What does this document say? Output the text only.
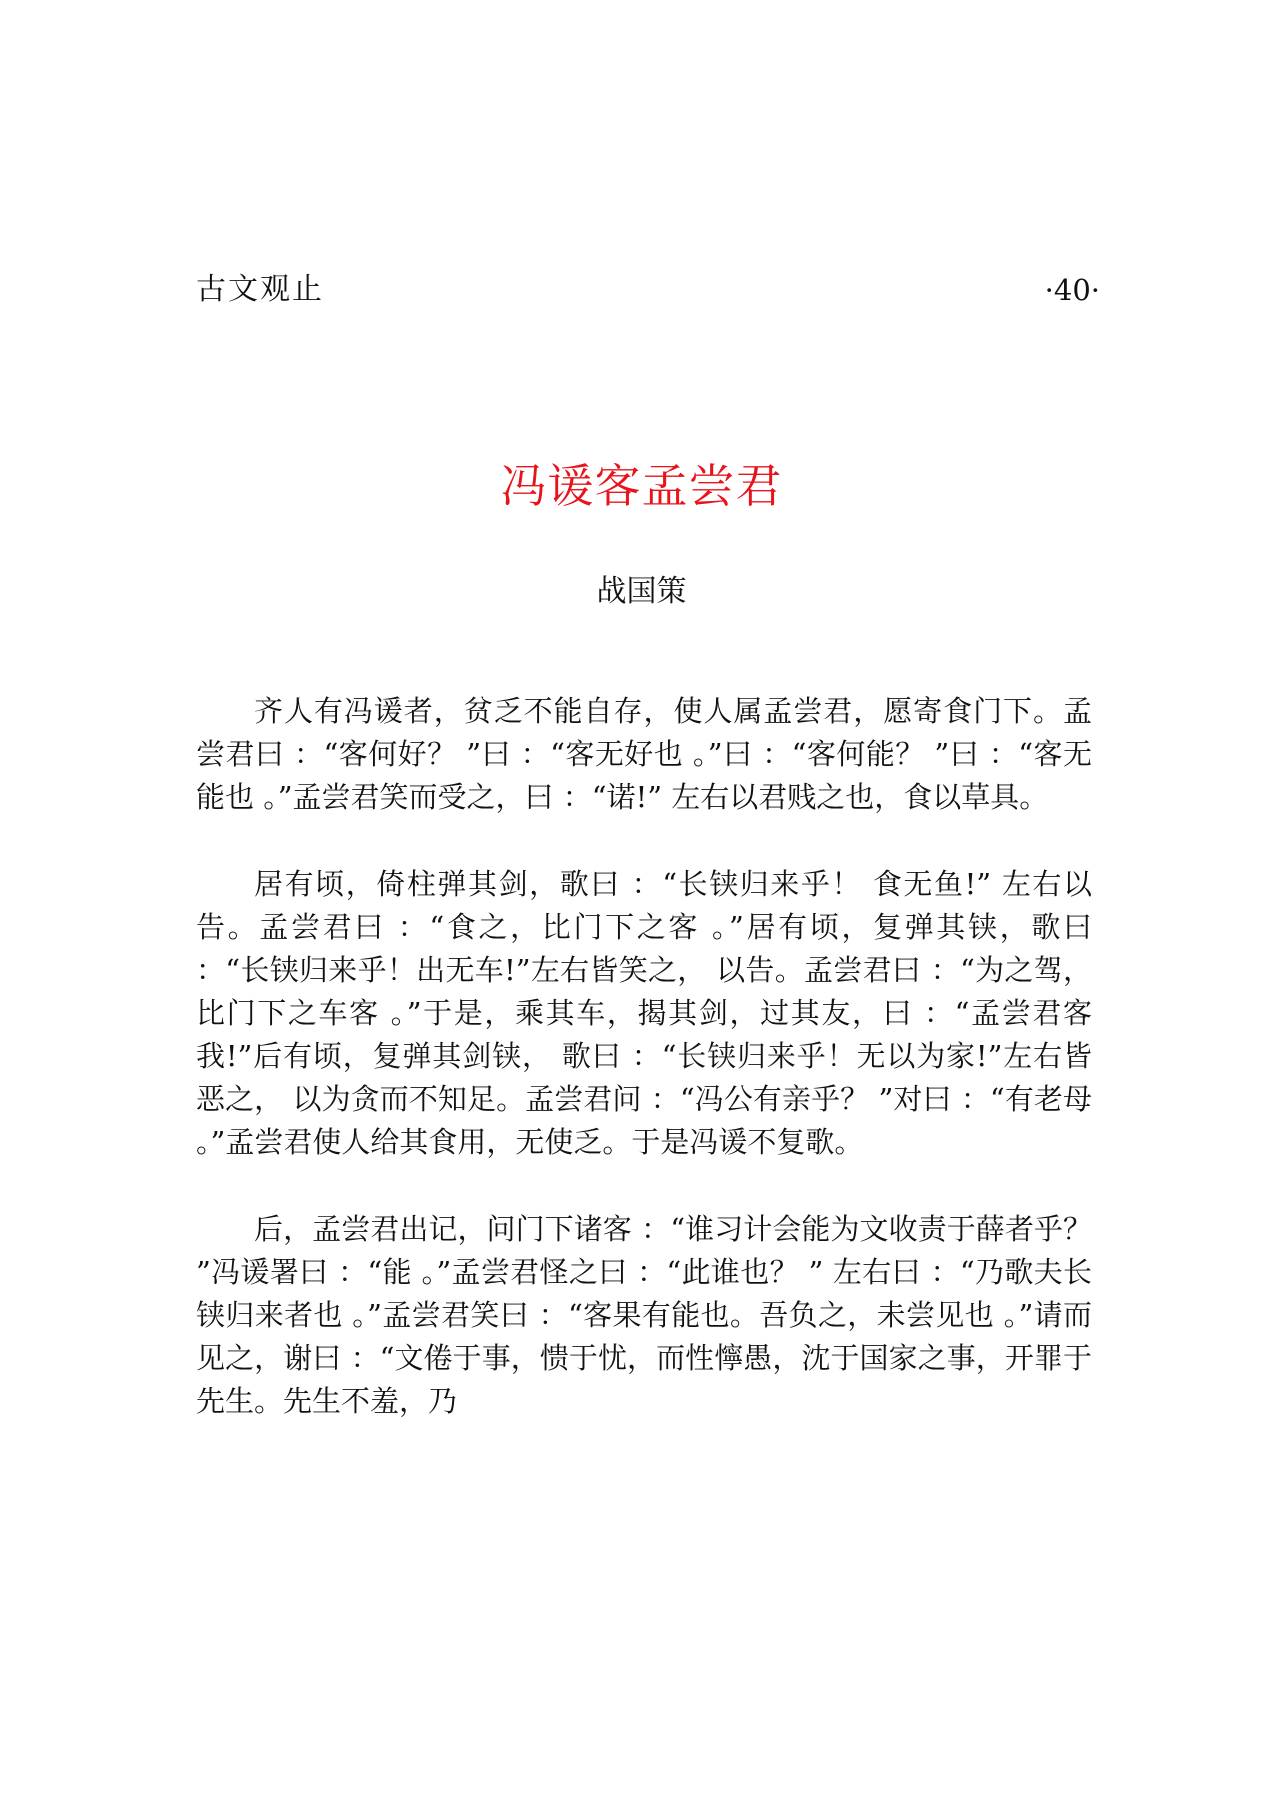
古文观止	·40·
冯谖客孟尝君
战国策

齐人有冯谖者，贫乏不能自存，使人属孟尝君，愿寄食门下。孟尝君曰 ：“客何好？ ”曰 ：“客无好也 。”曰 ：“客何能？ ”曰 ：“客无能也 。”孟尝君笑而受之，曰 ：“诺!” 左右以君贱之也，食以草具。

居有顷，倚柱弹其剑，歌曰 ：“长铗归来乎！ 食无鱼!” 左右以告。孟尝君曰 ：“食之，比门下之客 。”居有顷，复弹其铗，歌曰 ：“长铗归来乎！出无车!”左右皆笑之， 以告。孟尝君曰 ：“为之驾，比门下之车客 。”于是，乘其车，揭其剑，过其友，曰 ：“孟尝君客我!”后有顷，复弹其剑铗， 歌曰 ：“长铗归来乎！无以为家!”左右皆恶之， 以为贪而不知足。孟尝君问 ：“冯公有亲乎？ ”对曰 ：“有老母 。”孟尝君使人给其食用，无使乏。于是冯谖不复歌。

后，孟尝君出记，问门下诸客 ：“谁习计会能为文收责于薛者乎？ ”冯谖署曰 ：“能 。”孟尝君怪之曰 ：“此谁也？ ” 左右曰 ：“乃歌夫长铗归来者也 。”孟尝君笑曰 ：“客果有能也。吾负之，未尝见也 。”请而见之，谢曰 ：“文倦于事，愦于忧，而性懧愚，沈于国家之事，开罪于先生。先生不羞，乃
